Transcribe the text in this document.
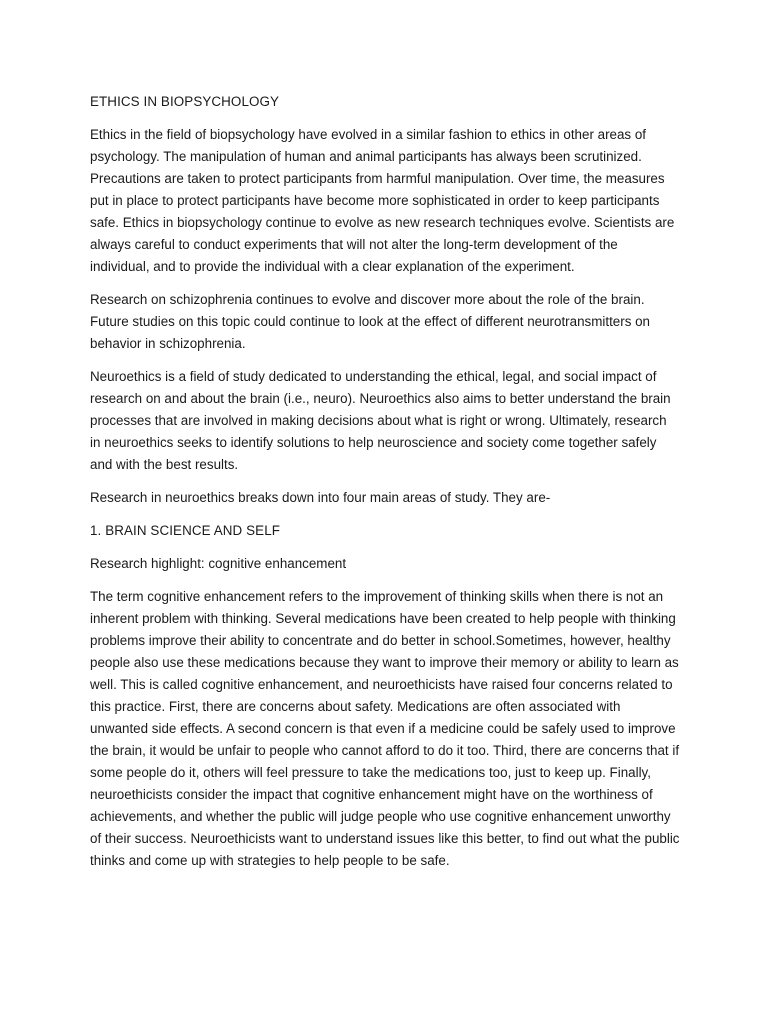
ETHICS IN BIOPSYCHOLOGY

Ethics in the field of biopsychology have evolved in a similar fashion to ethics in other areas of psychology. The manipulation of human and animal participants has always been scrutinized. Precautions are taken to protect participants from harmful manipulation. Over time, the measures put in place to protect participants have become more sophisticated in order to keep participants safe. Ethics in biopsychology continue to evolve as new research techniques evolve. Scientists are always careful to conduct experiments that will not alter the long-term development of the individual, and to provide the individual with a clear explanation of the experiment.

Research on schizophrenia continues to evolve and discover more about the role of the brain. Future studies on this topic could continue to look at the effect of different neurotransmitters on behavior in schizophrenia.

Neuroethics is a field of study dedicated to understanding the ethical, legal, and social impact of research on and about the brain (i.e., neuro). Neuroethics also aims to better understand the brain processes that are involved in making decisions about what is right or wrong. Ultimately, research in neuroethics seeks to identify solutions to help neuroscience and society come together safely and with the best results.

Research in neuroethics breaks down into four main areas of study. They are-

1. BRAIN SCIENCE AND SELF

Research highlight: cognitive enhancement

The term cognitive enhancement refers to the improvement of thinking skills when there is not an inherent problem with thinking. Several medications have been created to help people with thinking problems improve their ability to concentrate and do better in school.Sometimes, however, healthy people also use these medications because they want to improve their memory or ability to learn as well. This is called cognitive enhancement, and neuroethicists have raised four concerns related to this practice. First, there are concerns about safety. Medications are often associated with unwanted side effects. A second concern is that even if a medicine could be safely used to improve the brain, it would be unfair to people who cannot afford to do it too. Third, there are concerns that if some people do it, others will feel pressure to take the medications too, just to keep up. Finally, neuroethicists consider the impact that cognitive enhancement might have on the worthiness of achievements, and whether the public will judge people who use cognitive enhancement unworthy of their success. Neuroethicists want to understand issues like this better, to find out what the public thinks and come up with strategies to help people to be safe.
